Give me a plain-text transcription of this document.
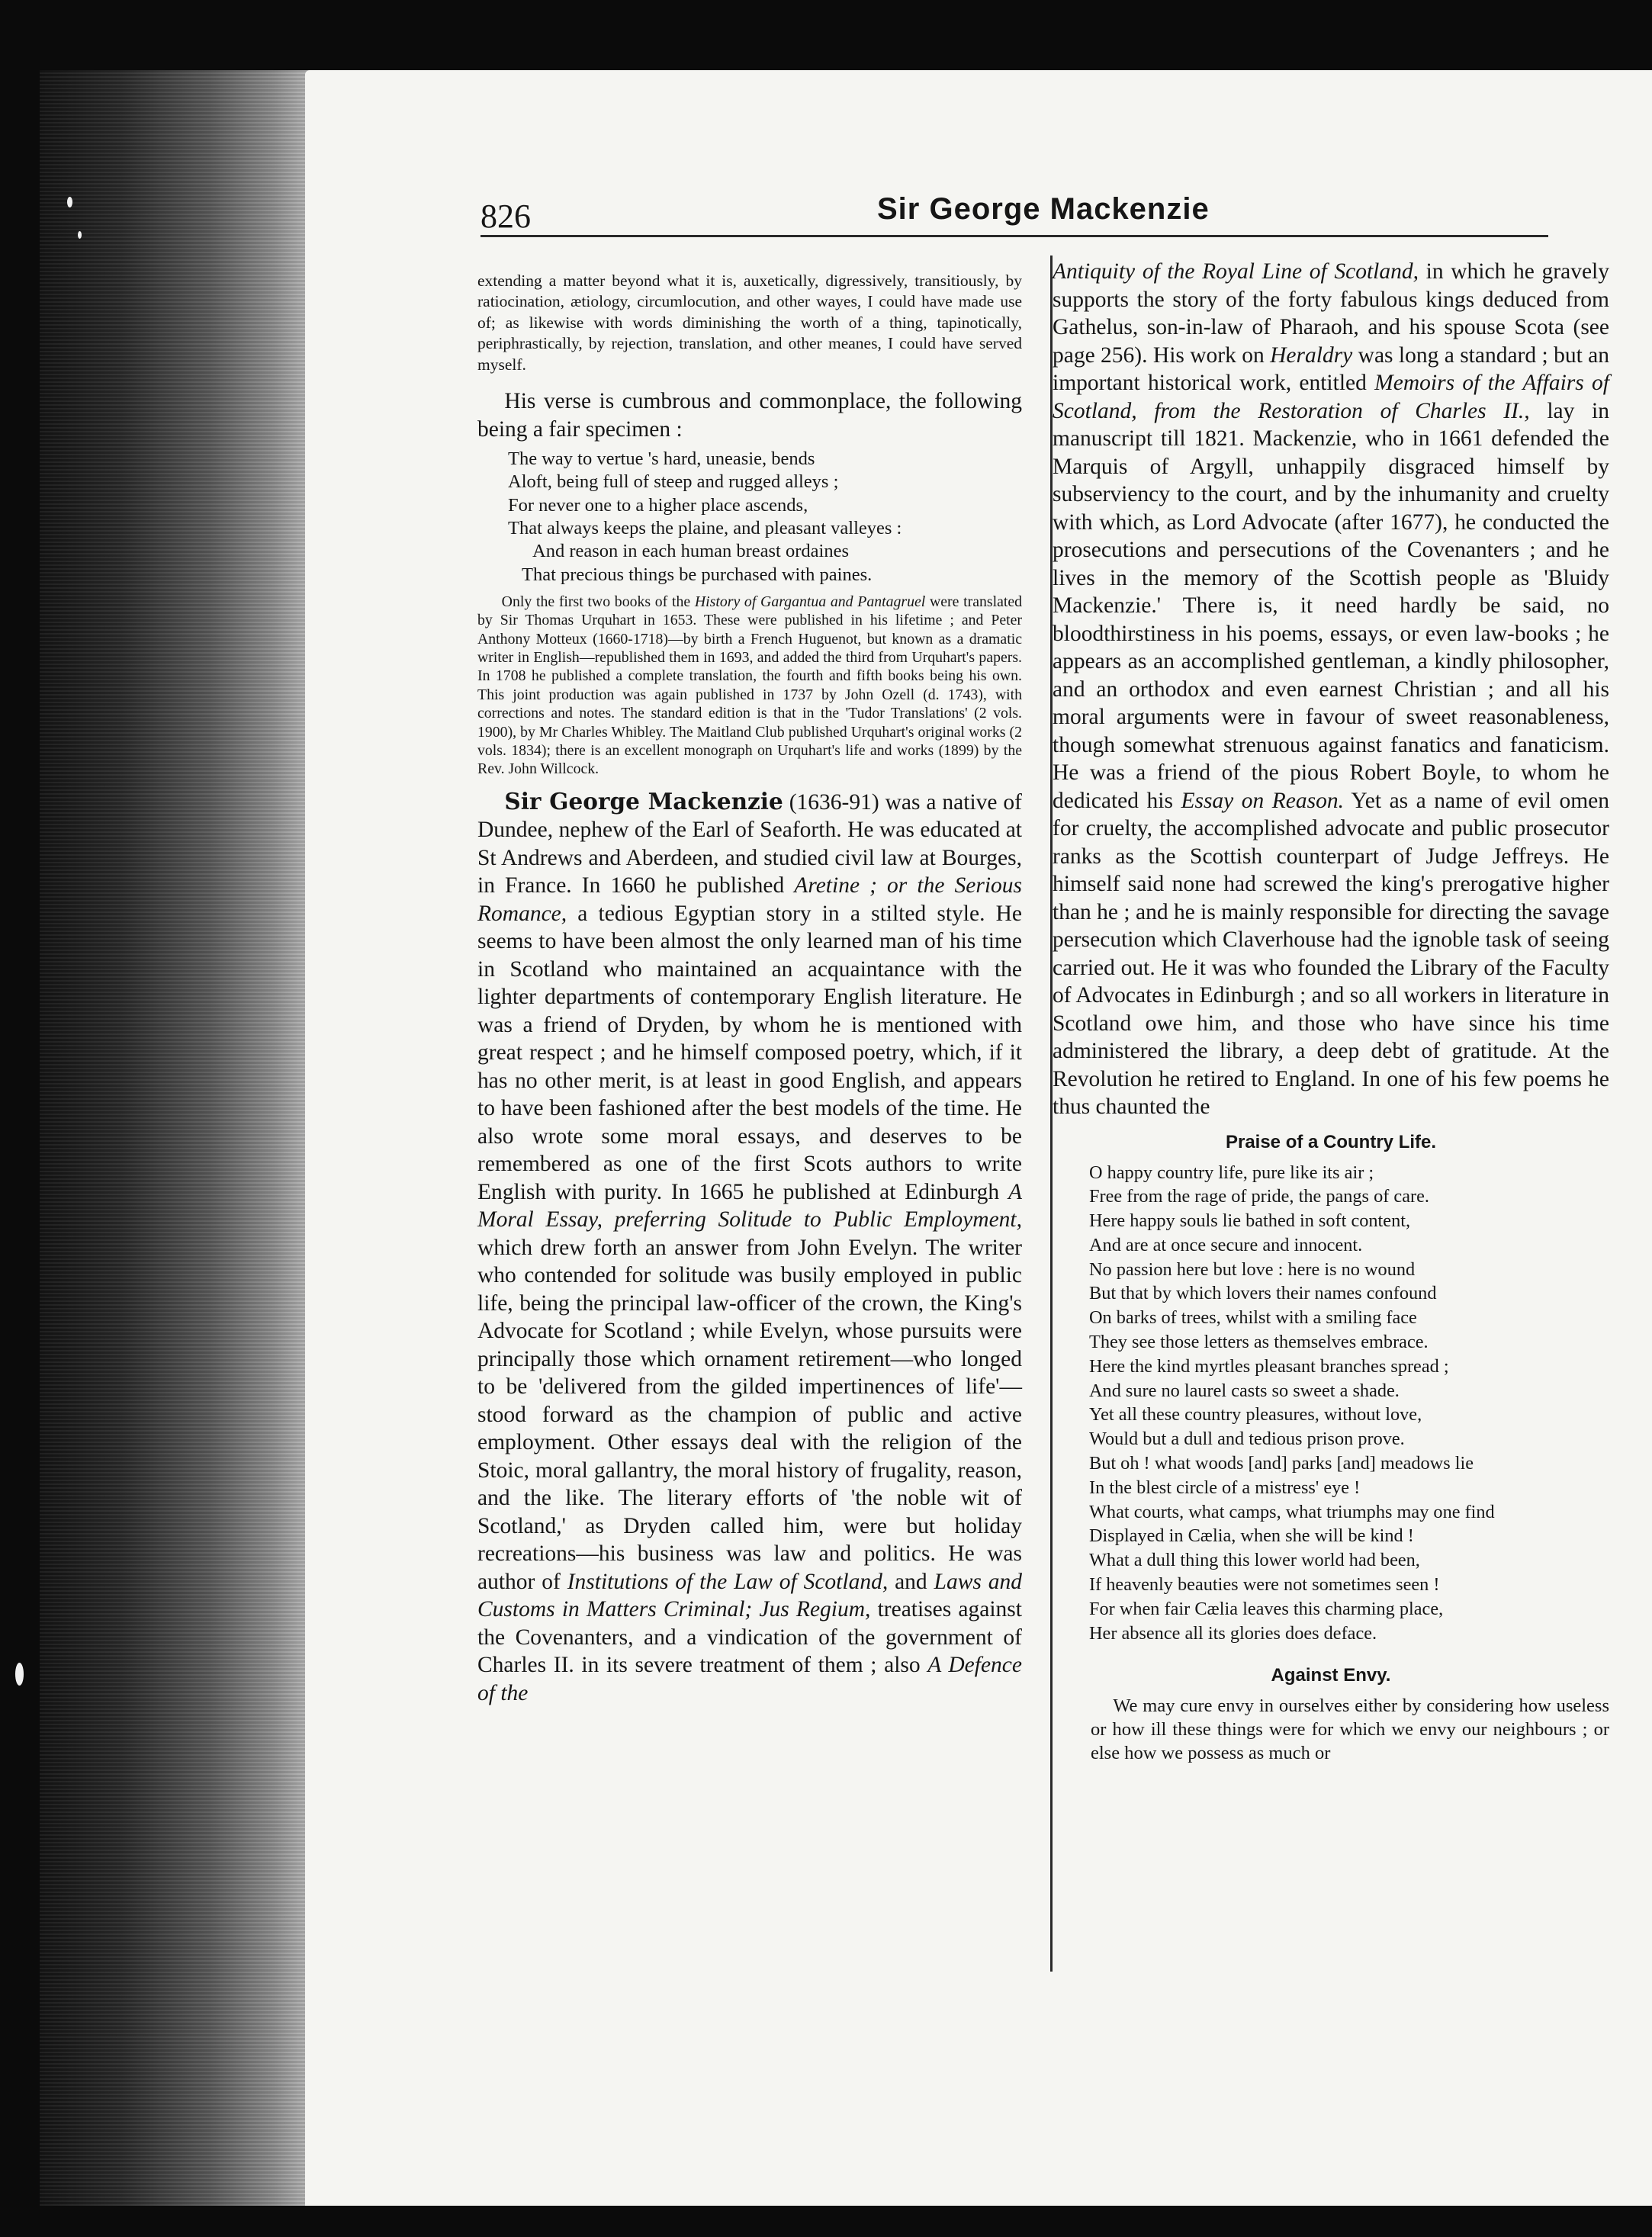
826	Sir George Mackenzie

extending a matter beyond what it is, auxetically, digressively, transitiously, by ratiocination, ætiology, circumlocution, and other wayes, I could have made use of; as likewise with words diminishing the worth of a thing, tapinotically, periphrastically, by rejection, translation, and other meanes, I could have served myself.

His verse is cumbrous and commonplace, the following being a fair specimen :

The way to vertue 's hard, uneasie, bends
Aloft, being full of steep and rugged alleys ;
For never one to a higher place ascends,
That always keeps the plaine, and pleasant valleyes :
And reason in each human breast ordaines
That precious things be purchased with paines.

Only the first two books of the History of Gargantua and Pantagruel were translated by Sir Thomas Urquhart in 1653. These were published in his lifetime ; and Peter Anthony Motteux (1660-1718)—by birth a French Huguenot, but known as a dramatic writer in English—republished them in 1693, and added the third from Urquhart's papers. In 1708 he published a complete translation, the fourth and fifth books being his own. This joint production was again published in 1737 by John Ozell (d. 1743), with corrections and notes. The standard edition is that in the 'Tudor Translations' (2 vols. 1900), by Mr Charles Whibley. The Maitland Club published Urquhart's original works (2 vols. 1834); there is an excellent monograph on Urquhart's life and works (1899) by the Rev. John Willcock.

Sir George Mackenzie (1636-91) was a native of Dundee, nephew of the Earl of Seaforth. He was educated at St Andrews and Aberdeen, and studied civil law at Bourges, in France. In 1660 he published Aretine ; or the Serious Romance, a tedious Egyptian story in a stilted style. He seems to have been almost the only learned man of his time in Scotland who maintained an acquaintance with the lighter departments of contemporary English literature. He was a friend of Dryden, by whom he is mentioned with great respect ; and he himself composed poetry, which, if it has no other merit, is at least in good English, and appears to have been fashioned after the best models of the time. He also wrote some moral essays, and deserves to be remembered as one of the first Scots authors to write English with purity. In 1665 he published at Edinburgh A Moral Essay, preferring Solitude to Public Employment, which drew forth an answer from John Evelyn. The writer who contended for solitude was busily employed in public life, being the principal law-officer of the crown, the King's Advocate for Scotland ; while Evelyn, whose pursuits were principally those which ornament retirement—who longed to be 'delivered from the gilded impertinences of life'—stood forward as the champion of public and active employment. Other essays deal with the religion of the Stoic, moral gallantry, the moral history of frugality, reason, and the like. The literary efforts of 'the noble wit of Scotland,' as Dryden called him, were but holiday recreations—his business was law and politics. He was author of Institutions of the Law of Scotland, and Laws and Customs in Matters Criminal; Jus Regium, treatises against the Covenanters, and a vindication of the government of Charles II. in its severe treatment of them ; also A Defence of the

Antiquity of the Royal Line of Scotland, in which he gravely supports the story of the forty fabulous kings deduced from Gathelus, son-in-law of Pharaoh, and his spouse Scota (see page 256). His work on Heraldry was long a standard ; but an important historical work, entitled Memoirs of the Affairs of Scotland, from the Restoration of Charles II., lay in manuscript till 1821. Mackenzie, who in 1661 defended the Marquis of Argyll, unhappily disgraced himself by subserviency to the court, and by the inhumanity and cruelty with which, as Lord Advocate (after 1677), he conducted the prosecutions and persecutions of the Covenanters ; and he lives in the memory of the Scottish people as 'Bluidy Mackenzie.' There is, it need hardly be said, no bloodthirstiness in his poems, essays, or even law-books ; he appears as an accomplished gentleman, a kindly philosopher, and an orthodox and even earnest Christian ; and all his moral arguments were in favour of sweet reasonableness, though somewhat strenuous against fanatics and fanaticism. He was a friend of the pious Robert Boyle, to whom he dedicated his Essay on Reason. Yet as a name of evil omen for cruelty, the accomplished advocate and public prosecutor ranks as the Scottish counterpart of Judge Jeffreys. He himself said none had screwed the king's prerogative higher than he ; and he is mainly responsible for directing the savage persecution which Claverhouse had the ignoble task of seeing carried out. He it was who founded the Library of the Faculty of Advocates in Edinburgh ; and so all workers in literature in Scotland owe him, and those who have since his time administered the library, a deep debt of gratitude. At the Revolution he retired to England. In one of his few poems he thus chaunted the

Praise of a Country Life.
O happy country life, pure like its air ;
Free from the rage of pride, the pangs of care.
Here happy souls lie bathed in soft content,
And are at once secure and innocent.
No passion here but love : here is no wound
But that by which lovers their names confound
On barks of trees, whilst with a smiling face
They see those letters as themselves embrace.
Here the kind myrtles pleasant branches spread ;
And sure no laurel casts so sweet a shade.
Yet all these country pleasures, without love,
Would but a dull and tedious prison prove.
But oh ! what woods [and] parks [and] meadows lie
In the blest circle of a mistress' eye !
What courts, what camps, what triumphs may one find
Displayed in Cælia, when she will be kind !
What a dull thing this lower world had been,
If heavenly beauties were not sometimes seen !
For when fair Cælia leaves this charming place,
Her absence all its glories does deface.
Against Envy.

We may cure envy in ourselves either by considering how useless or how ill these things were for which we envy our neighbours ; or else how we possess as much or
